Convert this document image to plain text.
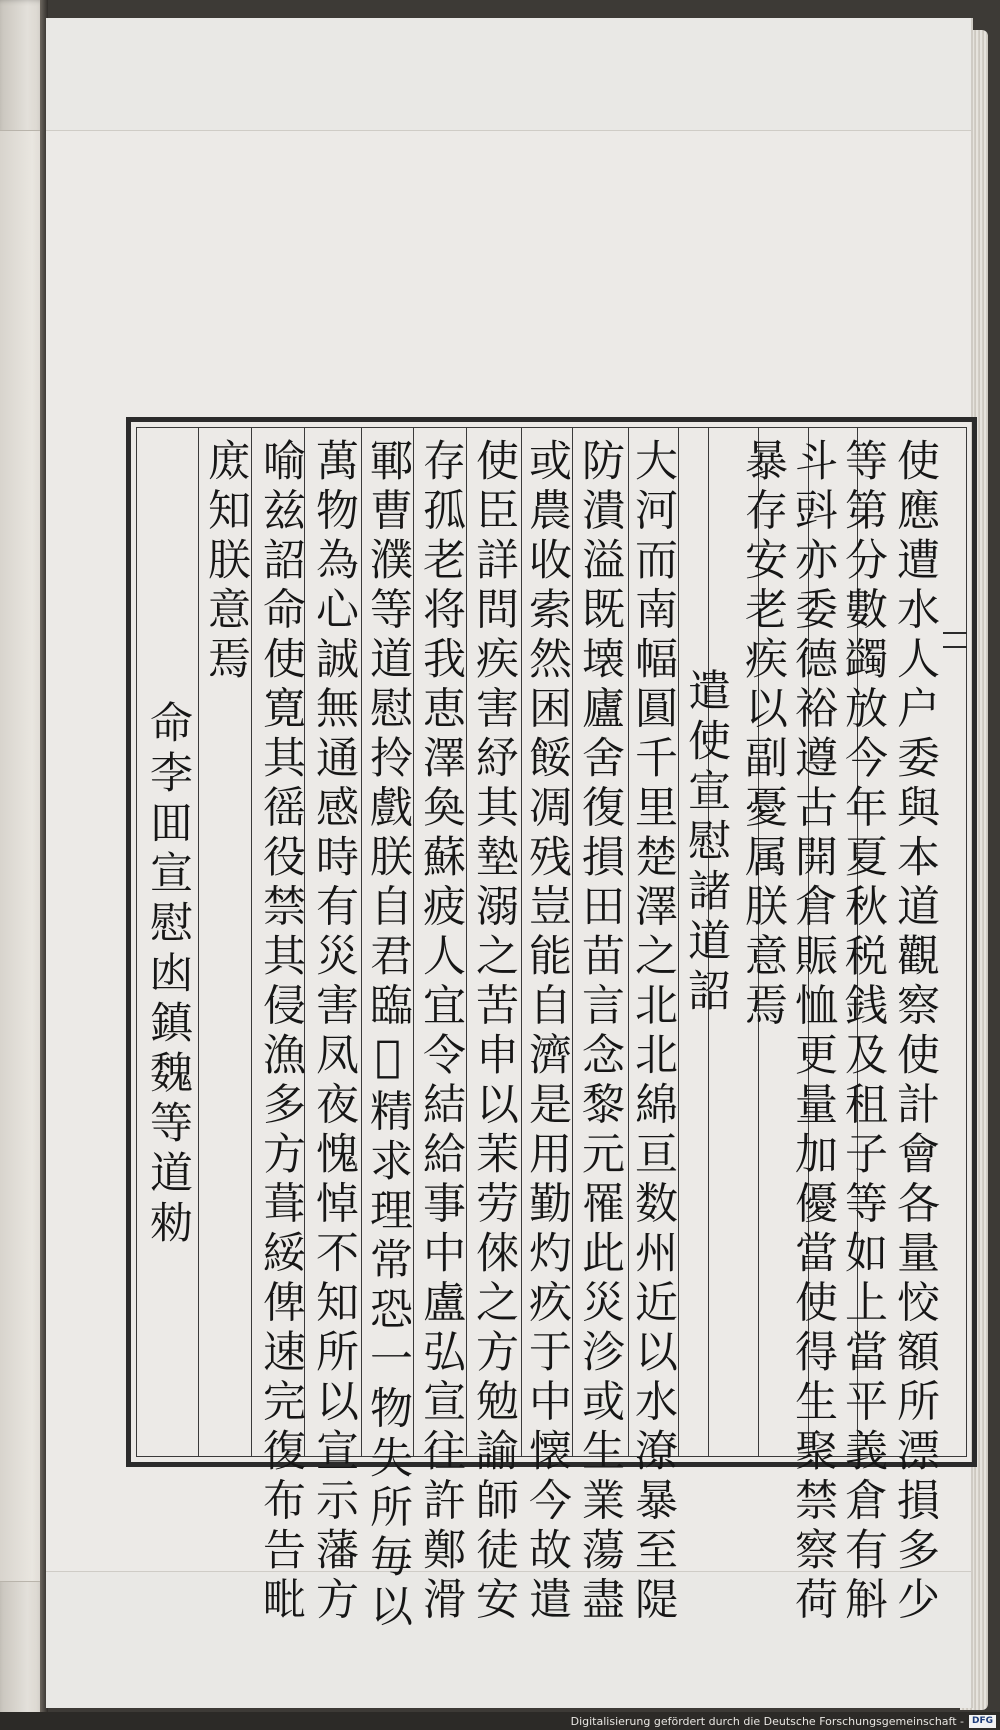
使應遭水人户委與本道觀察使計會各量恔額所漂損多少
等第分數蠲放今年夏秋税銭及租子等如上當平義倉有斛
斗㪷亦委德裕遵古開倉賑恤更量加優當使得生聚禁察荷
暴存安老疾以副憂属朕意焉
遣使宣慰諸道詔
大河而南幅圓千里楚澤之北北綿亘数州近以水潦暴至隄
防潰溢既壊廬舍復損田苗言念黎元罹此災沴或生業蕩盡
或農收索然困餒凋残豈能自濟是用勤灼疚于中懐今故遣
使臣詳問疾害紓其墊溺之苦申以茉劳倈之方勉諭師徒安
存孤老将我恵澤奐蘇疲人宜令結給事中盧弘宣往許鄭滑
鄆曹濮等道慰拎戲朕自君臨𥨸精求理常恐一物失所毎以
萬物為心誠無通感時有災害凤夜愧悼不知所以宣示藩方
喻兹詔命使寛其徭役禁其侵漁多方葺綏俾速完復布告毗
庻知朕意焉
命李囬宣慰凼鎮魏等道勑
Digitalisierung gefördert durch die Deutsche Forschungsgemeinschaft - DFG
